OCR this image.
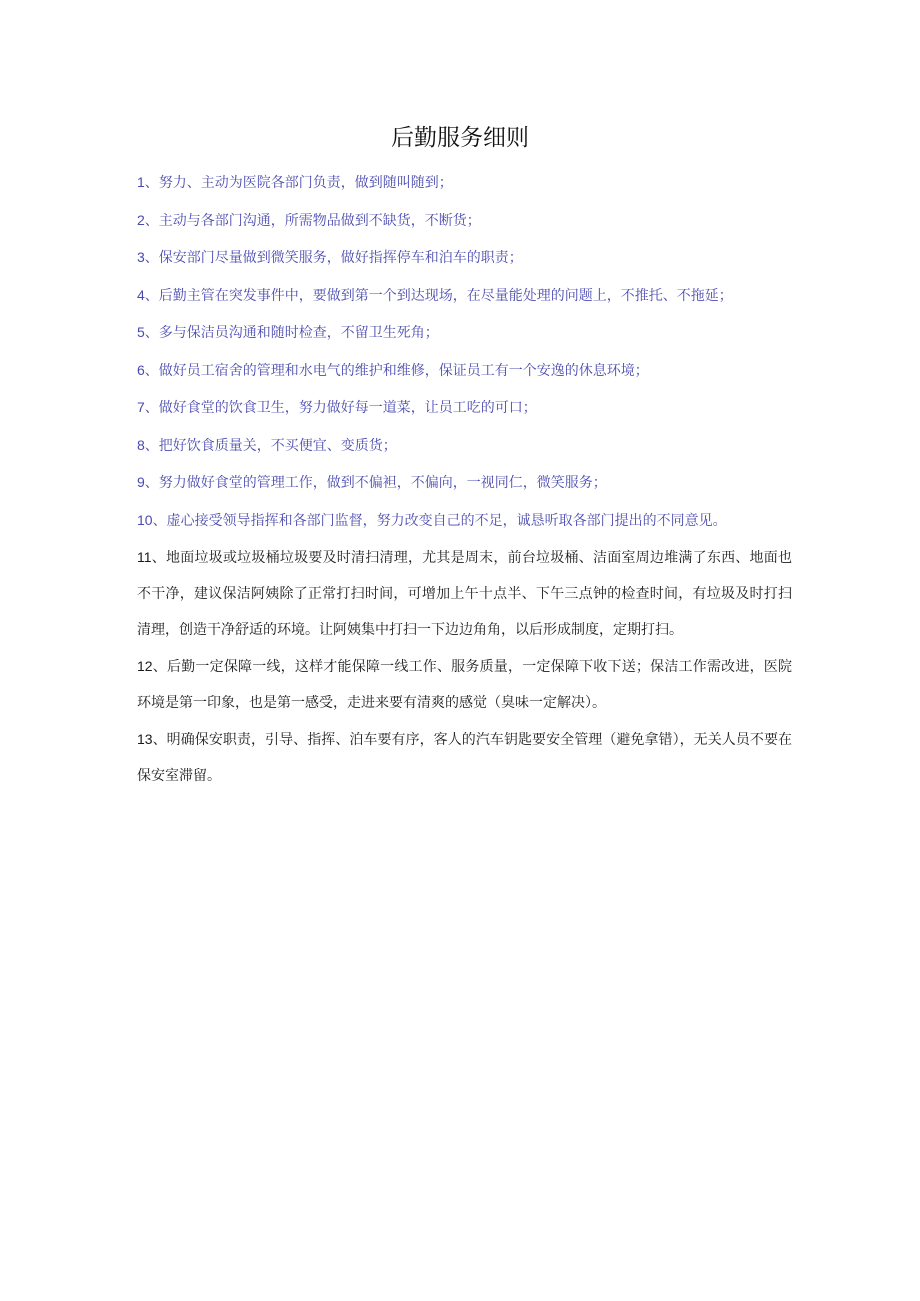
后勤服务细则
1、努力、主动为医院各部门负责，做到随叫随到；
2、主动与各部门沟通，所需物品做到不缺货，不断货；
3、保安部门尽量做到微笑服务，做好指挥停车和泊车的职责；
4、后勤主管在突发事件中，要做到第一个到达现场，在尽量能处理的问题上，不推托、不拖延；
5、多与保洁员沟通和随时检查，不留卫生死角；
6、做好员工宿舍的管理和水电气的维护和维修，保证员工有一个安逸的休息环境；
7、做好食堂的饮食卫生，努力做好每一道菜，让员工吃的可口；
8、把好饮食质量关，不买便宜、变质货；
9、努力做好食堂的管理工作，做到不偏袒，不偏向，一视同仁，微笑服务；
10、虚心接受领导指挥和各部门监督，努力改变自己的不足，诚恳听取各部门提出的不同意见。
11、地面垃圾或垃圾桶垃圾要及时清扫清理，尤其是周末，前台垃圾桶、洁面室周边堆满了东西、地面也不干净，建议保洁阿姨除了正常打扫时间，可增加上午十点半、下午三点钟的检查时间，有垃圾及时打扫清理，创造干净舒适的环境。让阿姨集中打扫一下边边角角，以后形成制度，定期打扫。
12、后勤一定保障一线，这样才能保障一线工作、服务质量，一定保障下收下送；保洁工作需改进，医院环境是第一印象，也是第一感受，走进来要有清爽的感觉（臭味一定解决）。
13、明确保安职责，引导、指挥、泊车要有序，客人的汽车钥匙要安全管理（避免拿错），无关人员不要在保安室滞留。
